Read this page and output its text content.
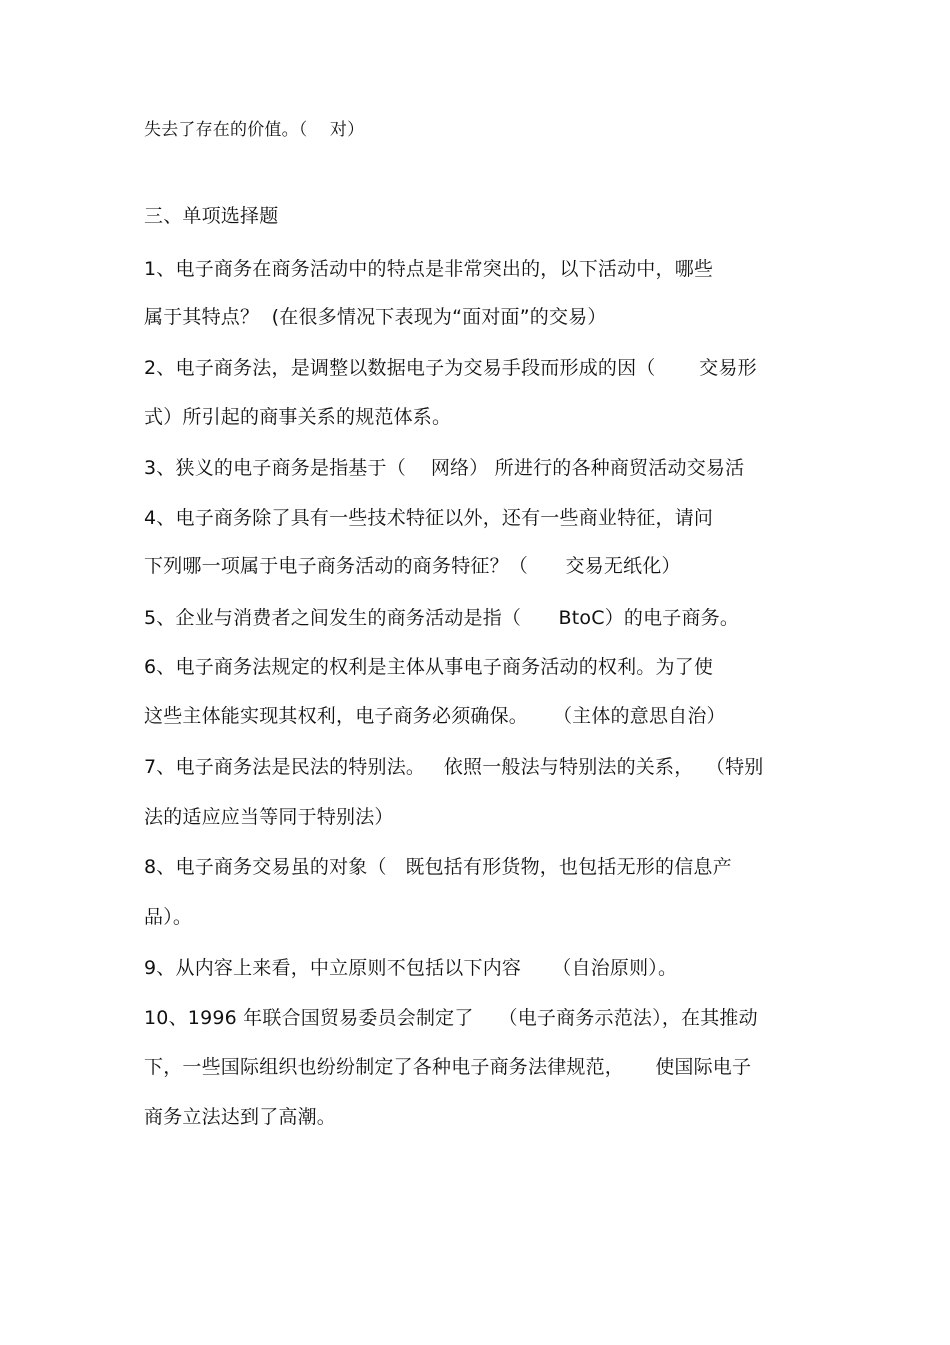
失去了存在的价值。（    对）
三、单项选择题
1、电子商务在商务活动中的特点是非常突出的，以下活动中，哪些
属于其特点？  (在很多情况下表现为“面对面”的交易）
2、电子商务法，是调整以数据电子为交易手段而形成的因（       交易形
式）所引起的商事关系的规范体系。
3、狭义的电子商务是指基于（    网络） 所进行的各种商贸活动交易活
4、电子商务除了具有一些技术特征以外，还有一些商业特征，请问
下列哪一项属于电子商务活动的商务特征？（      交易无纸化）
5、企业与消费者之间发生的商务活动是指（      BtoC）的电子商务。
6、电子商务法规定的权利是主体从事电子商务活动的权利。为了使
这些主体能实现其权利，电子商务必须确保。    （主体的意思自治）
7、电子商务法是民法的特别法。   依照一般法与特别法的关系，  （特别
法的适应应当等同于特别法）
8、电子商务交易虽的对象（   既包括有形货物，也包括无形的信息产
品）。
9、从内容上来看，中立原则不包括以下内容     （自治原则）。
10、1996 年联合国贸易委员会制定了    （电子商务示范法），在其推动
下，一些国际组织也纷纷制定了各种电子商务法律规范，     使国际电子
商务立法达到了高潮。
